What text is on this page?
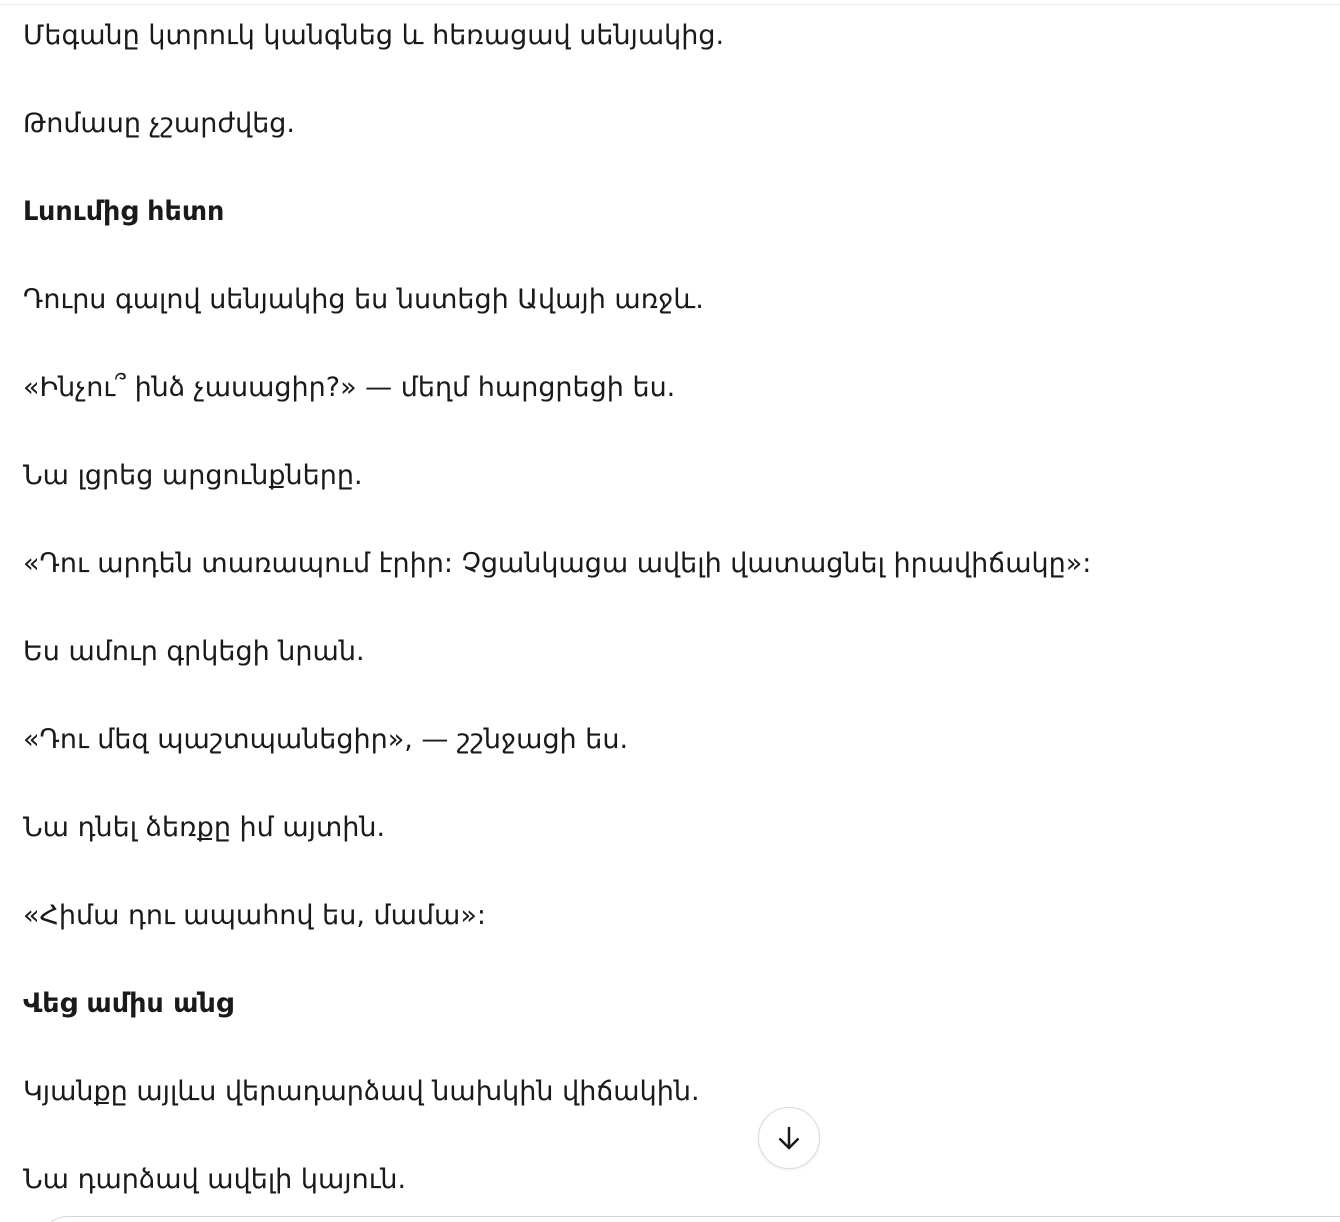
Մեգանը կտրուկ կանգնեց և հեռացավ սենյակից.

Թոմասը չշարժվեց.

Լսումից հետո

Դուրս գալով սենյակից ես նստեցի Ավայի առջև.

«Ինչու՞ ինձ չասացիր?» — մեղմ հարցրեցի ես.

Նա լցրեց արցունքները.

«Դու արդեն տառապում էրիր: Չցանկացա ավելի վատացնել իրավիճակը»:

Ես ամուր գրկեցի նրան.

«Դու մեզ պաշտպանեցիր», — շշնջացի ես.

Նա դնել ձեռքը իմ այտին.

«Հիմա դու ապահով ես, մամա»:

Վեց ամիս անց

Կյանքը այլևս վերադարձավ նախկին վիճակին.

Նա դարձավ ավելի կայուն.
